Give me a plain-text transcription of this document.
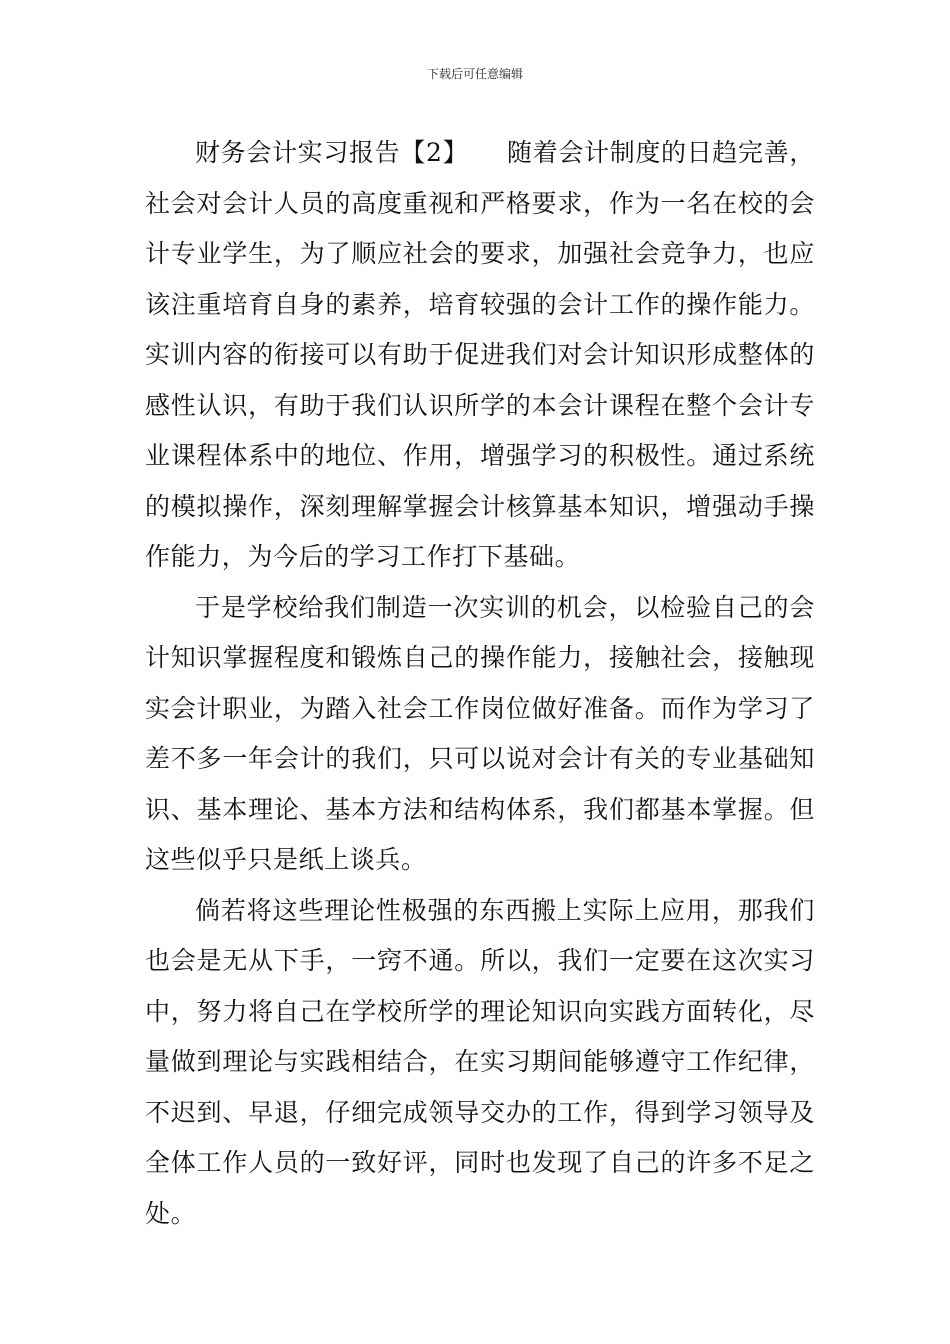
下载后可任意编辑

财务会计实习报告【2】　　随着会计制度的日趋完善，社会对会计人员的高度重视和严格要求，作为一名在校的会计专业学生，为了顺应社会的要求，加强社会竞争力，也应该注重培育自身的素养，培育较强的会计工作的操作能力。实训内容的衔接可以有助于促进我们对会计知识形成整体的感性认识，有助于我们认识所学的本会计课程在整个会计专业课程体系中的地位、作用，增强学习的积极性。通过系统的模拟操作，深刻理解掌握会计核算基本知识，增强动手操作能力，为今后的学习工作打下基础。

于是学校给我们制造一次实训的机会，以检验自己的会计知识掌握程度和锻炼自己的操作能力，接触社会，接触现实会计职业，为踏入社会工作岗位做好准备。而作为学习了差不多一年会计的我们，只可以说对会计有关的专业基础知识、基本理论、基本方法和结构体系，我们都基本掌握。但这些似乎只是纸上谈兵。

倘若将这些理论性极强的东西搬上实际上应用，那我们也会是无从下手，一窍不通。所以，我们一定要在这次实习中，努力将自己在学校所学的理论知识向实践方面转化，尽量做到理论与实践相结合，在实习期间能够遵守工作纪律，不迟到、早退，仔细完成领导交办的工作，得到学习领导及全体工作人员的一致好评，同时也发现了自己的许多不足之处。
